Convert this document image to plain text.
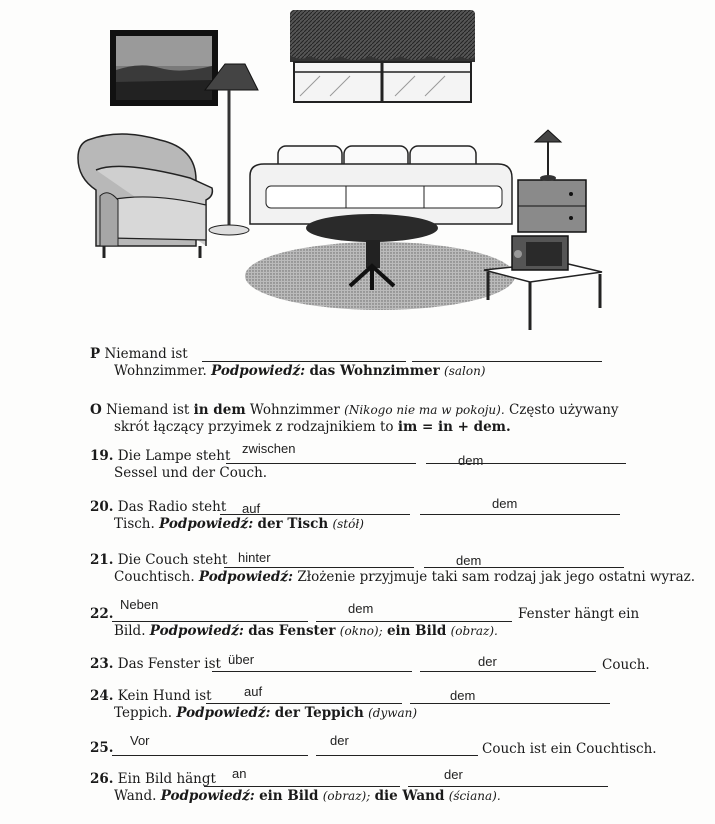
P Niemand ist
Wohnzimmer. Podpowiedź: das Wohnzimmer (salon)
O Niemand ist in dem Wohnzimmer (Nikogo nie ma w pokoju). Często używany
skrót łączący przyimek z rodzajnikiem to im = in + dem.
19. Die Lampe steht zwischen
dem
Sessel und der Couch.
20. Das Radio steht auf	dem
Tisch. Podpowiedź: der Tisch (stół)
21. Die Couch steht hinter	dem
Couchtisch. Podpowiedź: Złożenie przyjmuje taki sam rodzaj jak jego ostatni wyraz.
22.
Neben	dem	Fenster hängt ein
Bild. Podpowiedź: das Fenster (okno); ein Bild (obraz).
23. Das Fenster ist über	der	Couch.
24. Kein Hund ist auf	dem
Teppich. Podpowiedź: der Teppich (dywan)
25. Vor	der
Couch ist ein Couchtisch.
26. Ein Bild hängt an	der
Wand. Podpowiedź: ein Bild (obraz); die Wand (ściana).
